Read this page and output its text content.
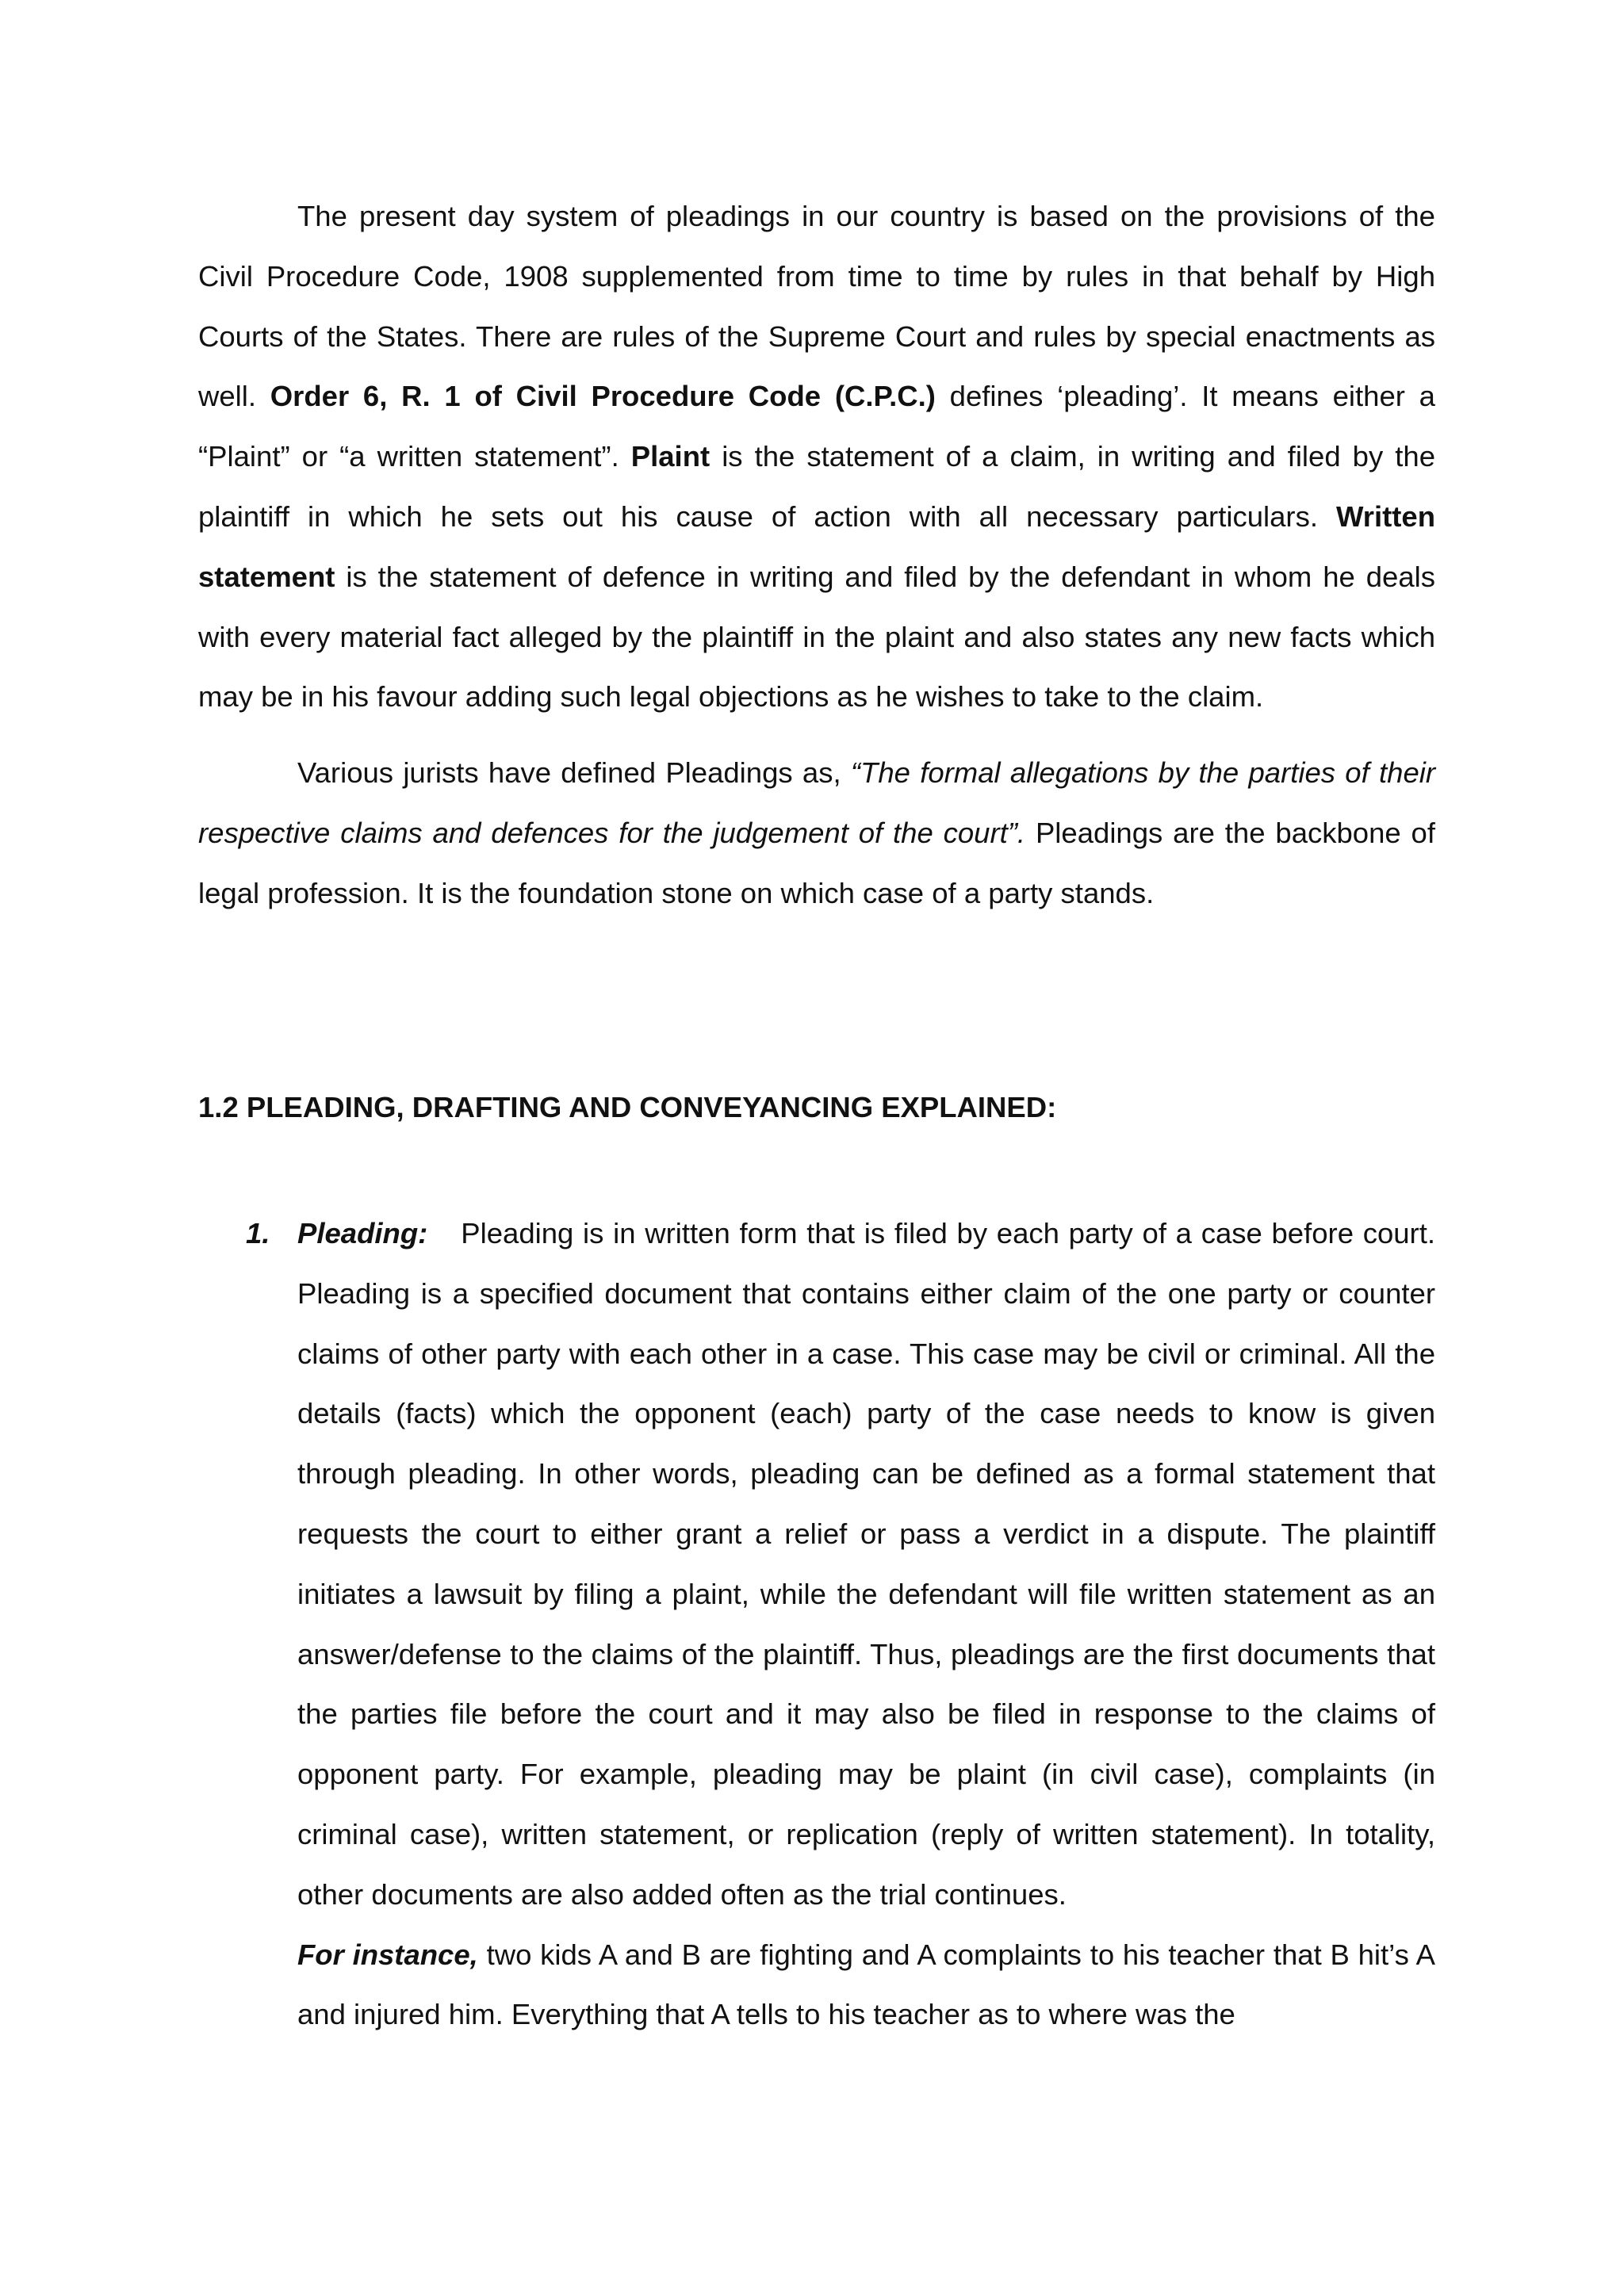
The present day system of pleadings in our country is based on the provisions of the Civil Procedure Code, 1908 supplemented from time to time by rules in that behalf by High Courts of the States. There are rules of the Supreme Court and rules by special enactments as well. Order 6, R. 1 of Civil Procedure Code (C.P.C.) defines ‘pleading’. It means either a “Plaint” or “a written statement”. Plaint is the statement of a claim, in writing and filed by the plaintiff in which he sets out his cause of action with all necessary particulars. Written statement is the statement of defence in writing and filed by the defendant in whom he deals with every material fact alleged by the plaintiff in the plaint and also states any new facts which may be in his favour adding such legal objections as he wishes to take to the claim.

Various jurists have defined Pleadings as, “The formal allegations by the parties of their respective claims and defences for the judgement of the court”. Pleadings are the backbone of legal profession. It is the foundation stone on which case of a party stands.

1.2 PLEADING, DRAFTING AND CONVEYANCING EXPLAINED:

1. Pleading: Pleading is in written form that is filed by each party of a case before court. Pleading is a specified document that contains either claim of the one party or counter claims of other party with each other in a case. This case may be civil or criminal. All the details (facts) which the opponent (each) party of the case needs to know is given through pleading. In other words, pleading can be defined as a formal statement that requests the court to either grant a relief or pass a verdict in a dispute. The plaintiff initiates a lawsuit by filing a plaint, while the defendant will file written statement as an answer/defense to the claims of the plaintiff. Thus, pleadings are the first documents that the parties file before the court and it may also be filed in response to the claims of opponent party. For example, pleading may be plaint (in civil case), complaints (in criminal case), written statement, or replication (reply of written statement). In totality, other documents are also added often as the trial continues.

For instance, two kids A and B are fighting and A complaints to his teacher that B hit’s A and injured him. Everything that A tells to his teacher as to where was the
